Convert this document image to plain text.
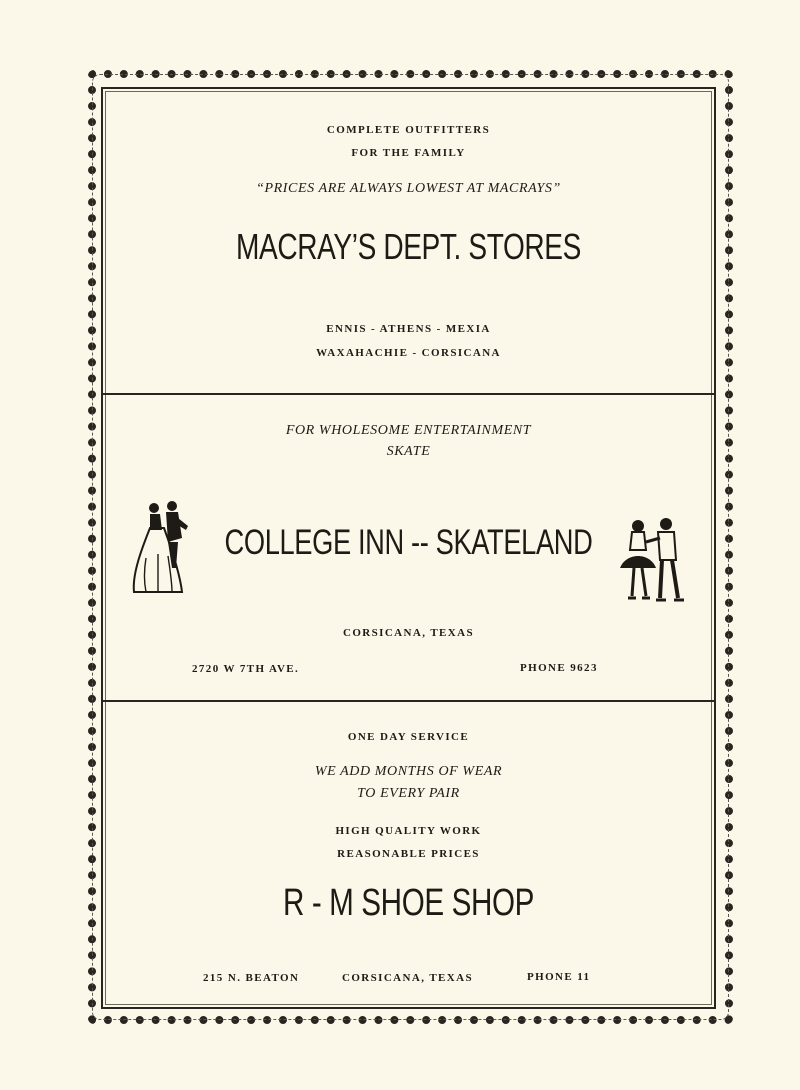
COMPLETE OUTFITTERS
FOR THE FAMILY
“PRICES ARE ALWAYS LOWEST AT MACRAYS”
MACRAY’S DEPT. STORES
ENNIS - ATHENS - MEXIA
WAXAHACHIE - CORSICANA
FOR WHOLESOME ENTERTAINMENT
SKATE
COLLEGE INN -- SKATELAND
CORSICANA, TEXAS
2720 W 7TH AVE.	PHONE 9623
ONE DAY SERVICE
WE ADD MONTHS OF WEAR
TO EVERY PAIR
HIGH QUALITY WORK
REASONABLE PRICES
R - M SHOE SHOP
215 N. BEATON	CORSICANA, TEXAS	PHONE 11
